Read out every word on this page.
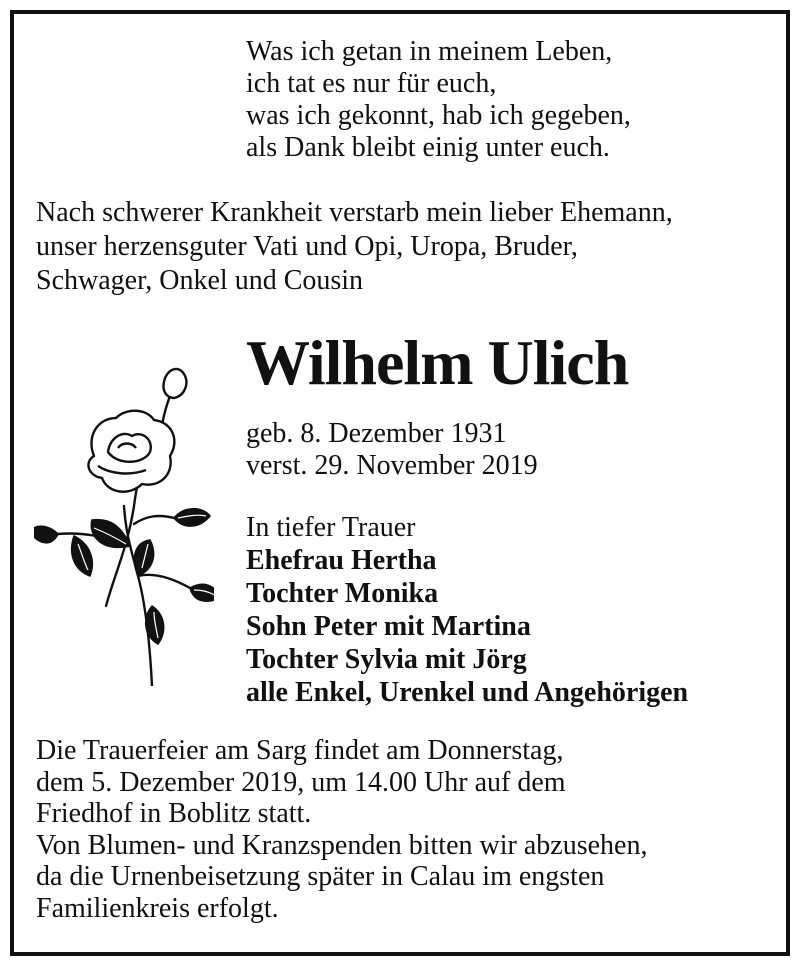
Was ich getan in meinem Leben,
ich tat es nur für euch,
was ich gekonnt, hab ich gegeben,
als Dank bleibt einig unter euch.
Nach schwerer Krankheit verstarb mein lieber Ehemann,
unser herzensguter Vati und Opi, Uropa, Bruder,
Schwager, Onkel und Cousin
Wilhelm Ulich
geb. 8. Dezember 1931
verst. 29. November 2019
In tiefer Trauer
Ehefrau Hertha
Tochter Monika
Sohn Peter mit Martina
Tochter Sylvia mit Jörg
alle Enkel, Urenkel und Angehörigen
Die Trauerfeier am Sarg findet am Donnerstag,
dem 5. Dezember 2019, um 14.00 Uhr auf dem
Friedhof in Boblitz statt.
Von Blumen- und Kranzspenden bitten wir abzusehen,
da die Urnenbeisetzung später in Calau im engsten
Familienkreis erfolgt.
